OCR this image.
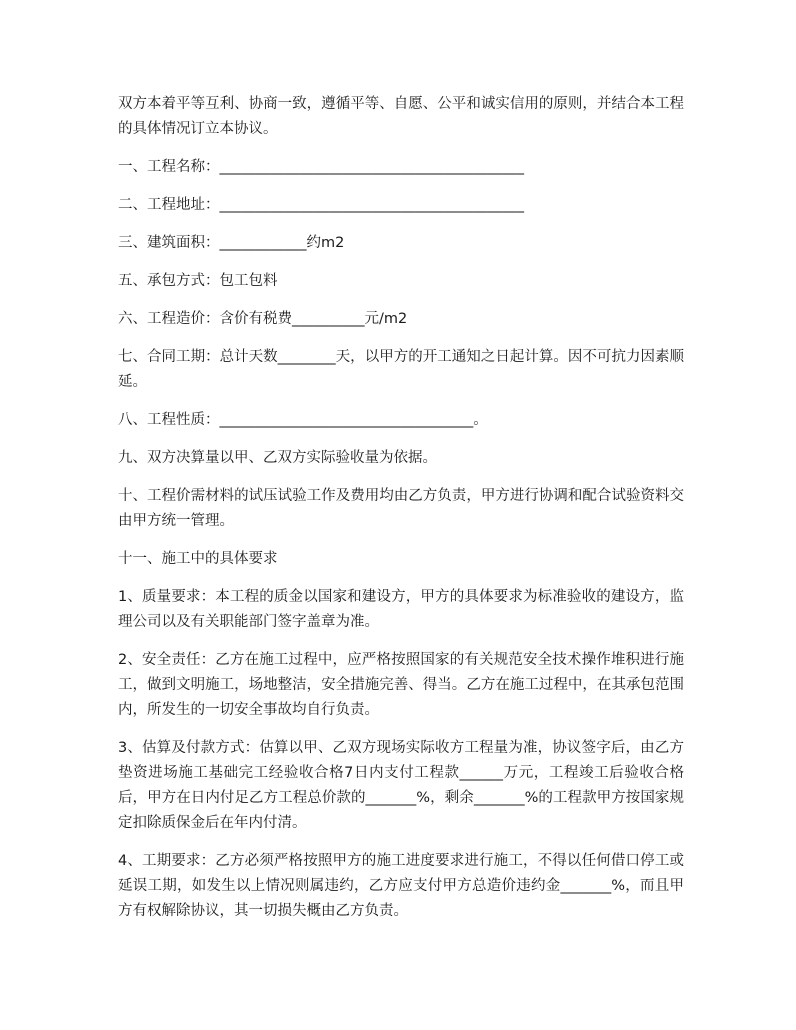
双方本着平等互利、协商一致，遵循平等、自愿、公平和诚实信用的原则，并结合本工程的具体情况订立本协议。

一、工程名称：__________________________________________

二、工程地址：__________________________________________

三、建筑面积：____________约m2

五、承包方式：包工包料

六、工程造价：含价有税费__________元/m2

七、合同工期：总计天数________天，以甲方的开工通知之日起计算。因不可抗力因素顺延。

八、工程性质：___________________________________。

九、双方决算量以甲、乙双方实际验收量为依据。

十、工程价需材料的试压试验工作及费用均由乙方负责，甲方进行协调和配合试验资料交由甲方统一管理。

十一、施工中的具体要求

1、质量要求：本工程的质金以国家和建设方，甲方的具体要求为标准验收的建设方，监理公司以及有关职能部门签字盖章为准。

2、安全责任：乙方在施工过程中，应严格按照国家的有关规范安全技术操作堆积进行施工，做到文明施工，场地整洁，安全措施完善、得当。乙方在施工过程中，在其承包范围内，所发生的一切安全事故均自行负责。

3、估算及付款方式：估算以甲、乙双方现场实际收方工程量为准，协议签字后，由乙方垫资进场施工基础完工经验收合格7日内支付工程款______万元，工程竣工后验收合格后，甲方在日内付足乙方工程总价款的_______%，剩余_______%的工程款甲方按国家规定扣除质保金后在年内付清。

4、工期要求：乙方必须严格按照甲方的施工进度要求进行施工，不得以任何借口停工或延误工期，如发生以上情况则属违约，乙方应支付甲方总造价违约金_______%，而且甲方有权解除协议，其一切损失概由乙方负责。
